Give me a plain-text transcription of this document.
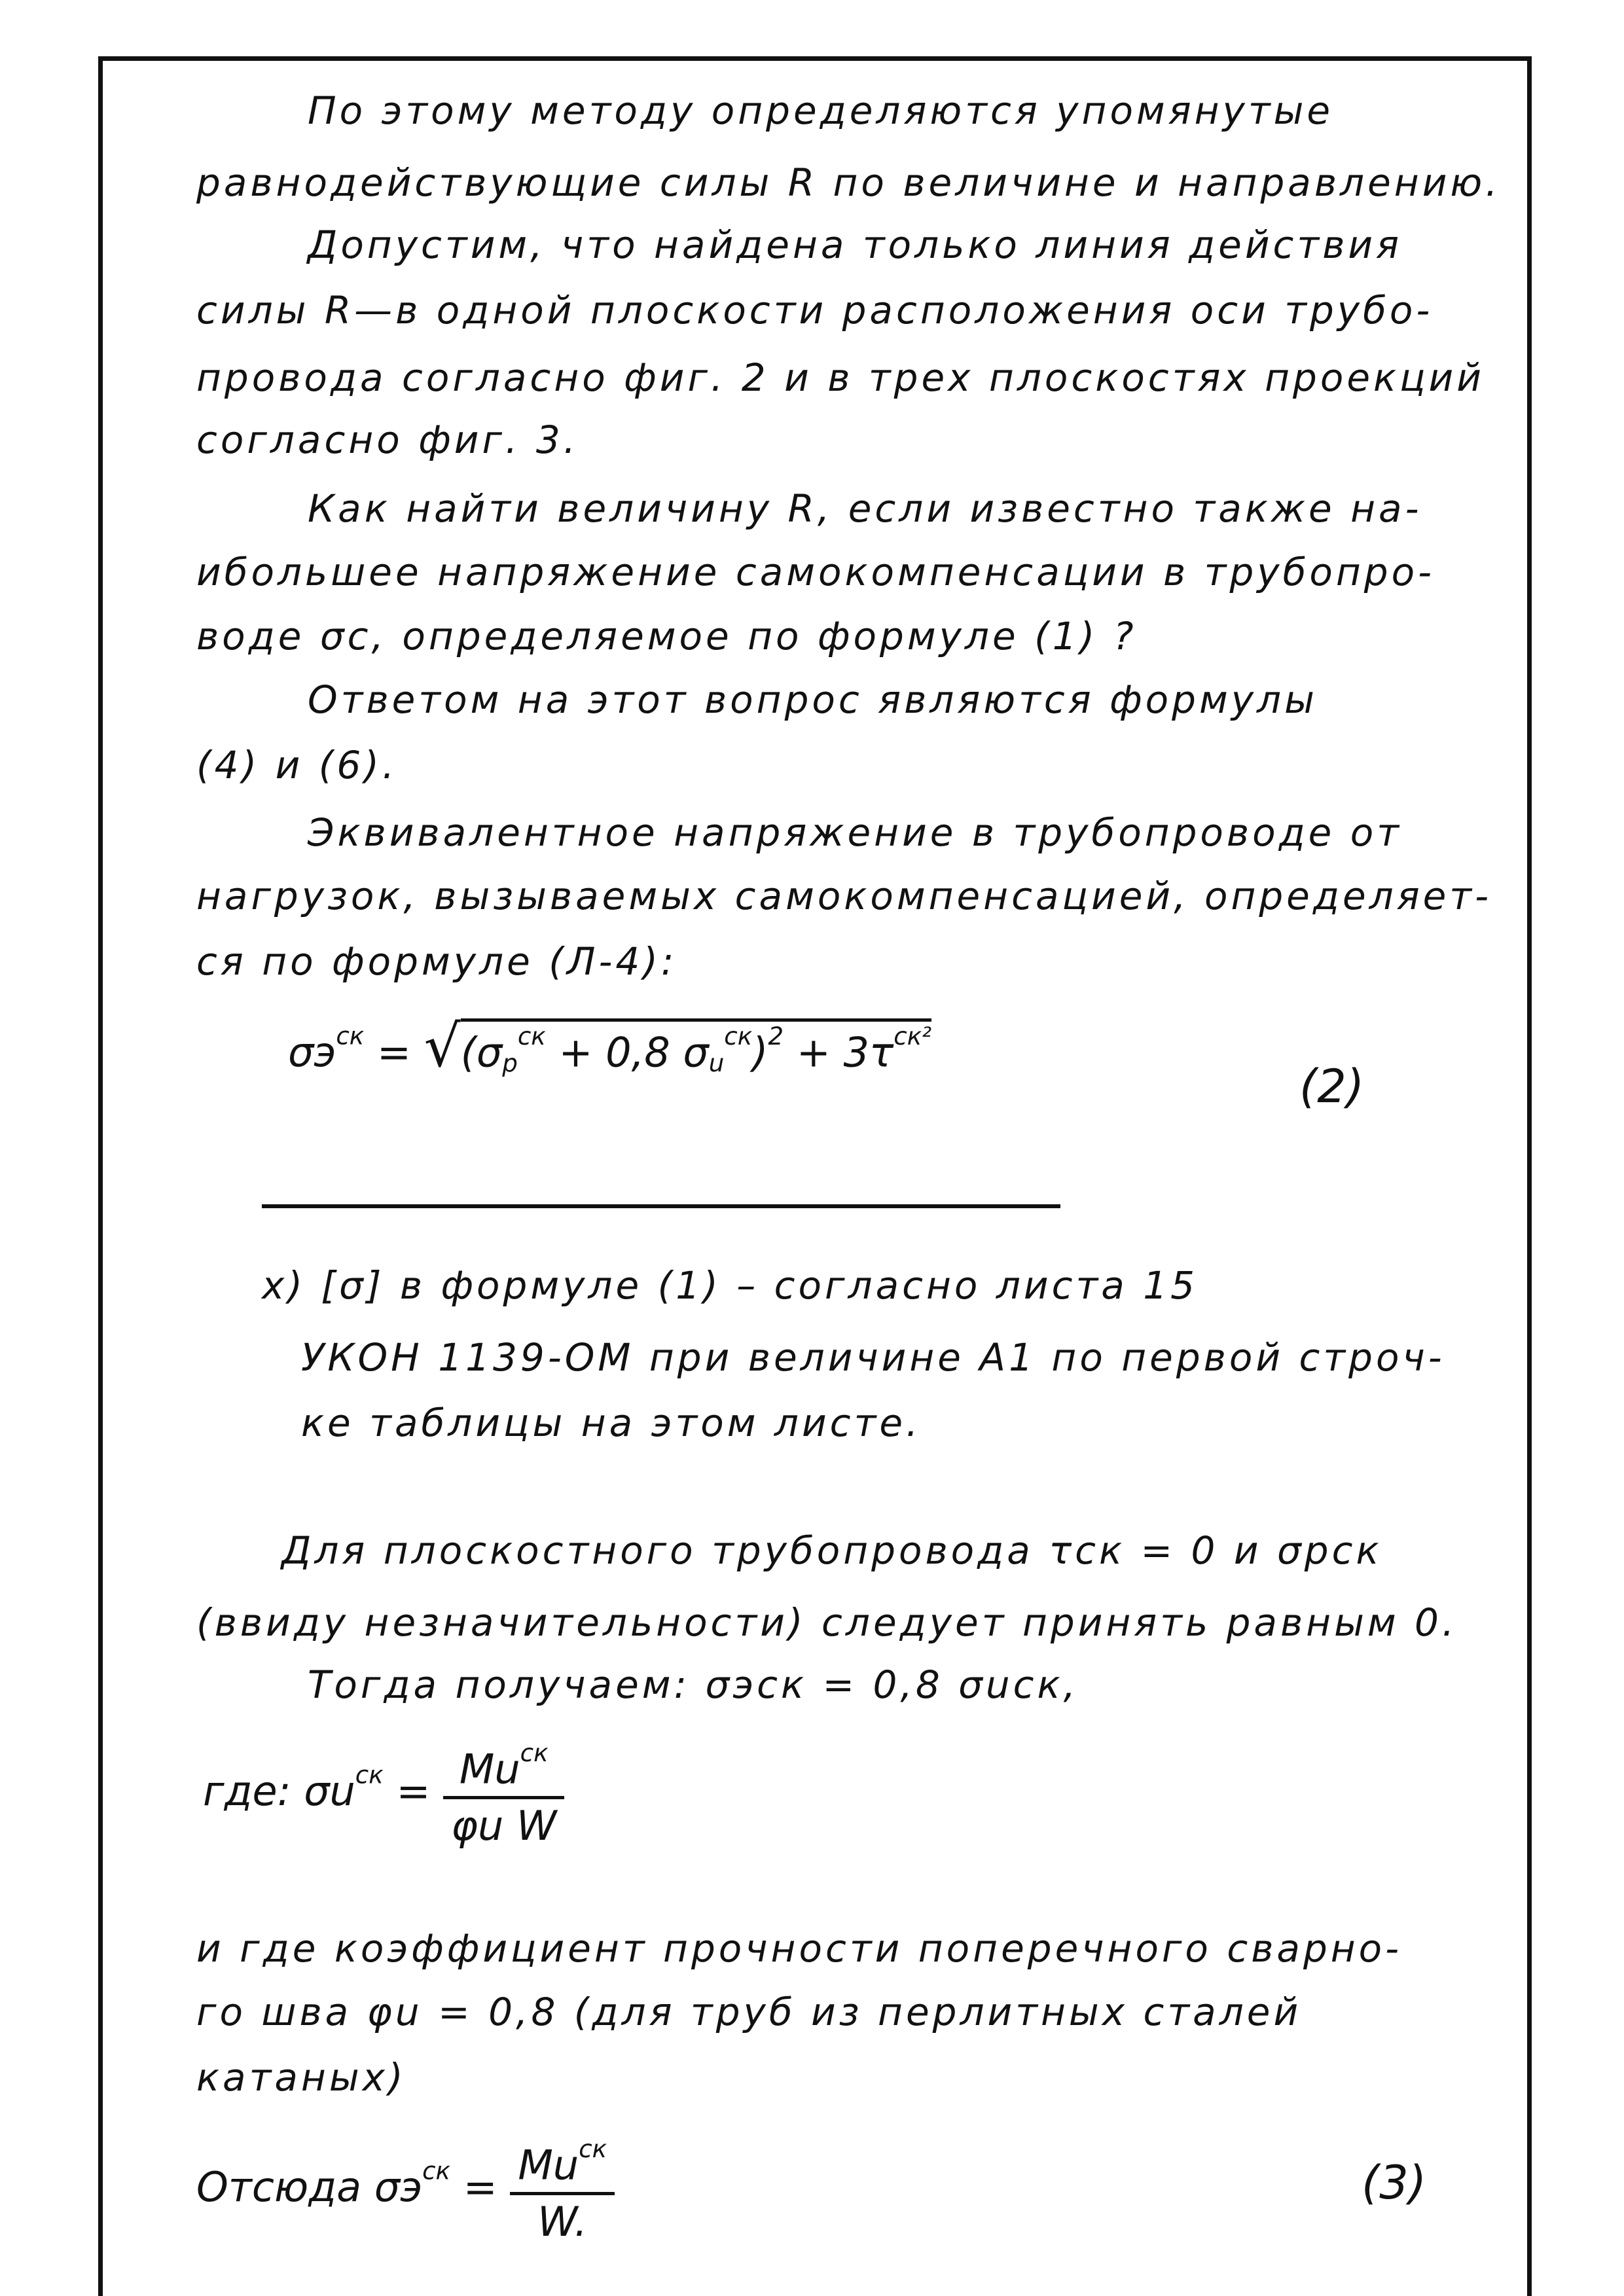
По этому методу определяются упомянутые
равнодействующие силы R по величине и направлению.
Допустим, что найдена только линия действия
силы R—в одной плоскости расположения оси трубо-
провода согласно фиг. 2 и в трех плоскостях проекций
согласно фиг. 3.
Как найти величину R, если известно также на-
ибольшее напряжение самокомпенсации в трубопро-
воде σc, определяемое по формуле (1) ?
Ответом на этот вопрос являются формулы
(4) и (6).
Эквивалентное напряжение в трубопроводе от
нагрузок, вызываемых самокомпенсацией, определяет-
ся по формуле (Л-4):
$\sigma э^{ск} = √(\sigma_р^{ск} + 0,8$ $\sigma_u^{ск})^2 + 3\tau^{ск^2}$
(2)
х) [σ] в формуле (1) – согласно листа 15
УКОН 1139-ОМ при величине A1 по первой строч-
ке таблицы на этом листе.
Для плоскостного трубопровода τск = 0 и σрск
(ввиду незначительности) следует принять равным 0.
Тогда получаем: σэск = 0,8 σuск,
где: $\sigma u^{ск} = \frac{Mu^{ск}}{\text{φu W}}$
и где коэффициент прочности поперечного сварно-
го шва φu = 0,8 (для труб из перлитных сталей
катаных)
Отсюда $\sigma э^{ск} = \frac{Mu^{ск}}{W.}$	(3)
